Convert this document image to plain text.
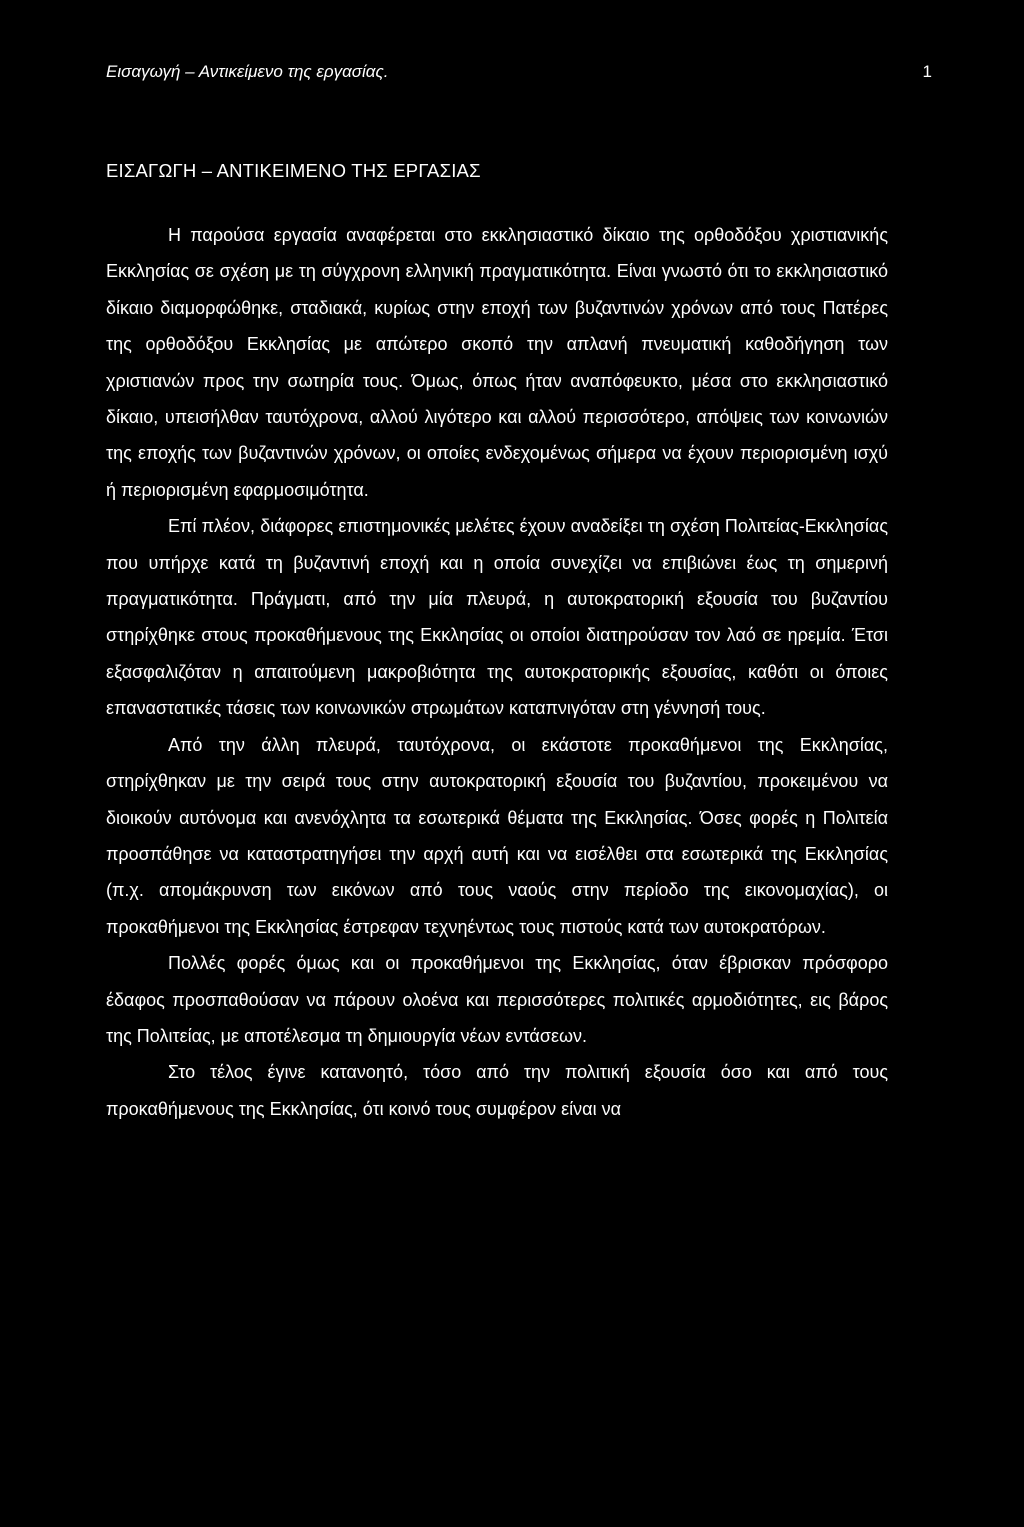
Εισαγωγή – Αντικείμενο της εργασίας.	1
ΕΙΣΑΓΩΓΗ – ΑΝΤΙΚΕΙΜΕΝΟ ΤΗΣ ΕΡΓΑΣΙΑΣ

Η παρούσα εργασία αναφέρεται στο εκκλησιαστικό δίκαιο της ορθοδόξου χριστιανικής Εκκλησίας σε σχέση με τη σύγχρονη ελληνική πραγματικότητα. Είναι γνωστό ότι το εκκλησιαστικό δίκαιο διαμορφώθηκε, σταδιακά, κυρίως στην εποχή των βυζαντινών χρόνων από τους Πατέρες της ορθοδόξου Εκκλησίας με απώτερο σκοπό την απλανή πνευματική καθοδήγηση των χριστιανών προς την σωτηρία τους. Όμως, όπως ήταν αναπόφευκτο, μέσα στο εκκλησιαστικό δίκαιο, υπεισήλθαν ταυτόχρονα, αλλού λιγότερο και αλλού περισσότερο, απόψεις των κοινωνιών της εποχής των βυζαντινών χρόνων, οι οποίες ενδεχομένως σήμερα να έχουν περιορισμένη ισχύ ή περιορισμένη εφαρμοσιμότητα.

Επί πλέον, διάφορες επιστημονικές μελέτες έχουν αναδείξει τη σχέση Πολιτείας-Εκκλησίας που υπήρχε κατά τη βυζαντινή εποχή και η οποία συνεχίζει να επιβιώνει έως τη σημερινή πραγματικότητα. Πράγματι, από την μία πλευρά, η αυτοκρατορική εξουσία του βυζαντίου στηρίχθηκε στους προκαθήμενους της Εκκλησίας οι οποίοι διατηρούσαν τον λαό σε ηρεμία. Έτσι εξασφαλιζόταν η απαιτούμενη μακροβιότητα της αυτοκρατορικής εξουσίας, καθότι οι όποιες επαναστατικές τάσεις των κοινωνικών στρωμάτων καταπνιγόταν στη γέννησή τους.

Από την άλλη πλευρά, ταυτόχρονα, οι εκάστοτε προκαθήμενοι της Εκκλησίας, στηρίχθηκαν με την σειρά τους στην αυτοκρατορική εξουσία του βυζαντίου, προκειμένου να διοικούν αυτόνομα και ανενόχλητα τα εσωτερικά θέματα της Εκκλησίας. Όσες φορές η Πολιτεία προσπάθησε να καταστρατηγήσει την αρχή αυτή και να εισέλθει στα εσωτερικά της Εκκλησίας (π.χ. απομάκρυνση των εικόνων από τους ναούς στην περίοδο της εικονομαχίας), οι προκαθήμενοι της Εκκλησίας έστρεφαν τεχνηέντως τους πιστούς κατά των αυτοκρατόρων.

Πολλές φορές όμως και οι προκαθήμενοι της Εκκλησίας, όταν έβρισκαν πρόσφορο έδαφος προσπαθούσαν να πάρουν ολοένα και περισσότερες πολιτικές αρμοδιότητες, εις βάρος της Πολιτείας, με αποτέλεσμα τη δημιουργία νέων εντάσεων.

Στο τέλος έγινε κατανοητό, τόσο από την πολιτική εξουσία όσο και από τους προκαθήμενους της Εκκλησίας, ότι κοινό τους συμφέρον είναι να
